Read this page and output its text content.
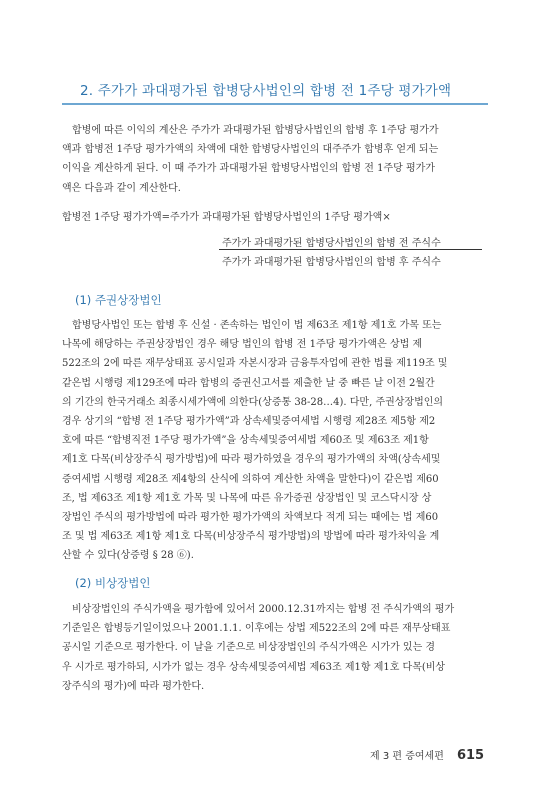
2. 주가가 과대평가된 합병당사법인의 합병 전 1주당 평가가액

합병에 따른 이익의 계산은 주가가 과대평가된 합병당사법인의 합병 후 1주당 평가가
액과 합병전 1주당 평가가액의 차액에 대한 합병당사법인의 대주주가 합병후 얻게 되는
이익을 계산하게 된다. 이 때 주가가 과대평가된 합병당사법인의 합병 전 1주당 평가가
액은 다음과 같이 계산한다.

합병전 1주당 평가가액=주가가 과대평가된 합병당사법인의 1주당 평가액×
주가가 과대평가된 합병당사법인의 합병 전 주식수
주가가 과대평가된 합병당사법인의 합병 후 주식수
(1) 주권상장법인

합병당사법인 또는 합병 후 신설 · 존속하는 법인이 법 제63조 제1항 제1호 가목 또는
나목에 해당하는 주권상장법인 경우 해당 법인의 합병 전 1주당 평가가액은 상법 제
522조의 2에 따른 재무상태표 공시일과 자본시장과 금융투자업에 관한 법률 제119조 및
같은법 시행령 제129조에 따라 합병의 증권신고서를 제출한 날 중 빠른 날 이전 2월간
의 기간의 한국거래소 최종시세가액에 의한다(상증통 38-28…4). 다만, 주권상장법인의
경우 상기의 “합병 전 1주당 평가가액”과 상속세및증여세법 시행령 제28조 제5항 제2
호에 따른 “합병직전 1주당 평가가액”을 상속세및증여세법 제60조 및 제63조 제1항
제1호 다목(비상장주식 평가방법)에 따라 평가하였을 경우의 평가가액의 차액(상속세및
증여세법 시행령 제28조 제4항의 산식에 의하여 계산한 차액을 말한다)이 같은법 제60
조, 법 제63조 제1항 제1호 가목 및 나목에 따른 유가증권 상장법인 및 코스닥시장 상
장법인 주식의 평가방법에 따라 평가한 평가가액의 차액보다 적게 되는 때에는 법 제60
조 및 법 제63조 제1항 제1호 다목(비상장주식 평가방법)의 방법에 따라 평가차익을 계
산할 수 있다(상증령 § 28 ⑥).

(2) 비상장법인

비상장법인의 주식가액을 평가함에 있어서 2000.12.31까지는 합병 전 주식가액의 평가
기준일은 합병등기일이었으나 2001.1.1. 이후에는 상법 제522조의 2에 따른 재무상태표
공시일 기준으로 평가한다. 이 날을 기준으로 비상장법인의 주식가액은 시가가 있는 경
우 시가로 평가하되, 시가가 없는 경우 상속세및증여세법 제63조 제1항 제1호 다목(비상
장주식의 평가)에 따라 평가한다.

제 3 편 증여세편 615
